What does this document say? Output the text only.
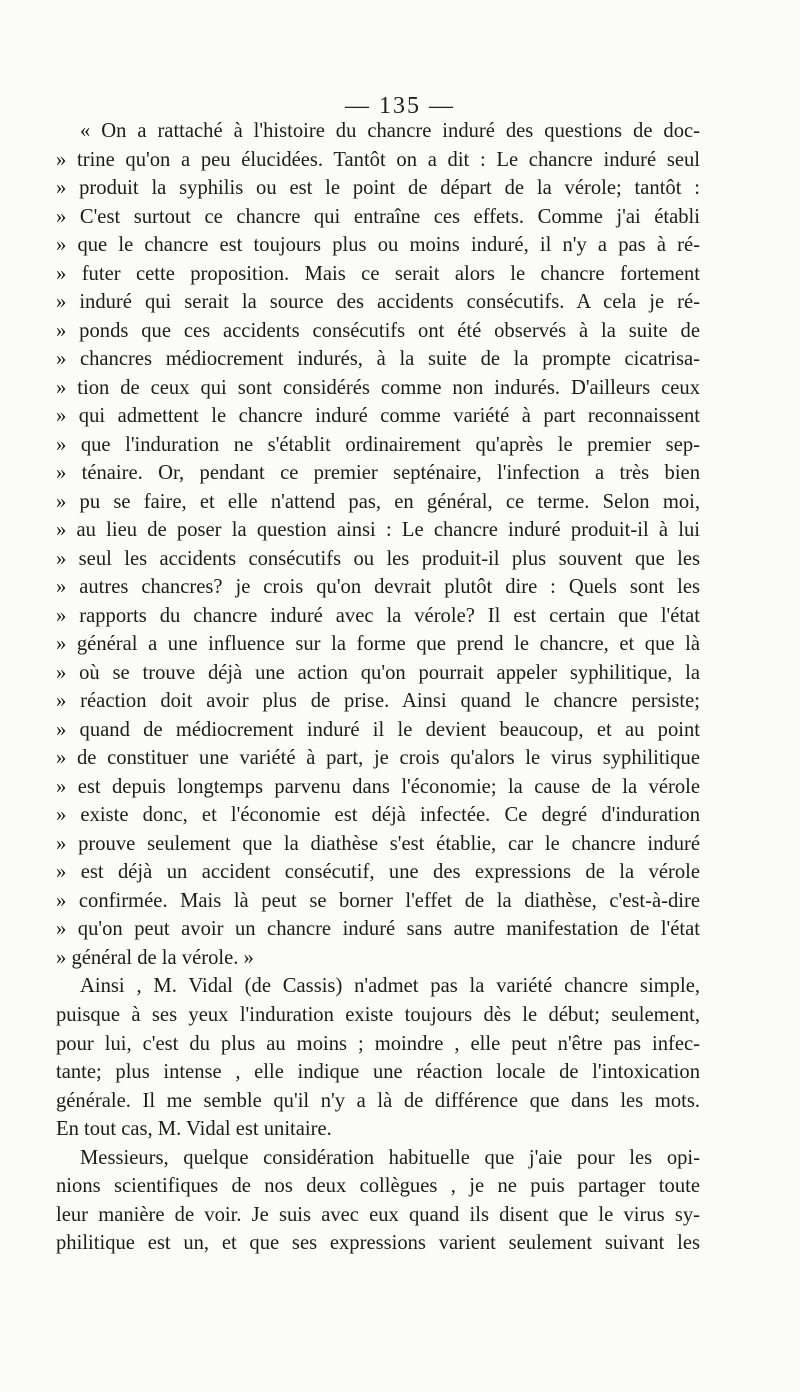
— 135 —
« On a rattaché à l'histoire du chancre induré des questions de doc-
» trine qu'on a peu élucidées. Tantôt on a dit : Le chancre induré seul
» produit la syphilis ou est le point de départ de la vérole; tantôt :
» C'est surtout ce chancre qui entraîne ces effets. Comme j'ai établi
» que le chancre est toujours plus ou moins induré, il n'y a pas à ré-
» futer cette proposition. Mais ce serait alors le chancre fortement
» induré qui serait la source des accidents consécutifs. A cela je ré-
» ponds que ces accidents consécutifs ont été observés à la suite de
» chancres médiocrement indurés, à la suite de la prompte cicatrisa-
» tion de ceux qui sont considérés comme non indurés. D'ailleurs ceux
» qui admettent le chancre induré comme variété à part reconnaissent
» que l'induration ne s'établit ordinairement qu'après le premier sep-
» ténaire. Or, pendant ce premier septénaire, l'infection a très bien
» pu se faire, et elle n'attend pas, en général, ce terme. Selon moi,
» au lieu de poser la question ainsi : Le chancre induré produit-il à lui
» seul les accidents consécutifs ou les produit-il plus souvent que les
» autres chancres? je crois qu'on devrait plutôt dire : Quels sont les
» rapports du chancre induré avec la vérole? Il est certain que l'état
» général a une influence sur la forme que prend le chancre, et que là
» où se trouve déjà une action qu'on pourrait appeler syphilitique, la
» réaction doit avoir plus de prise. Ainsi quand le chancre persiste;
» quand de médiocrement induré il le devient beaucoup, et au point
» de constituer une variété à part, je crois qu'alors le virus syphilitique
» est depuis longtemps parvenu dans l'économie; la cause de la vérole
» existe donc, et l'économie est déjà infectée. Ce degré d'induration
» prouve seulement que la diathèse s'est établie, car le chancre induré
» est déjà un accident consécutif, une des expressions de la vérole
» confirmée. Mais là peut se borner l'effet de la diathèse, c'est-à-dire
» qu'on peut avoir un chancre induré sans autre manifestation de l'état
» général de la vérole. »
Ainsi , M. Vidal (de Cassis) n'admet pas la variété chancre simple,
puisque à ses yeux l'induration existe toujours dès le début; seulement,
pour lui, c'est du plus au moins ; moindre , elle peut n'être pas infec-
tante; plus intense , elle indique une réaction locale de l'intoxication
générale. Il me semble qu'il n'y a là de différence que dans les mots.
En tout cas, M. Vidal est unitaire.
Messieurs, quelque considération habituelle que j'aie pour les opi-
nions scientifiques de nos deux collègues , je ne puis partager toute
leur manière de voir. Je suis avec eux quand ils disent que le virus sy-
philitique est un, et que ses expressions varient seulement suivant les
